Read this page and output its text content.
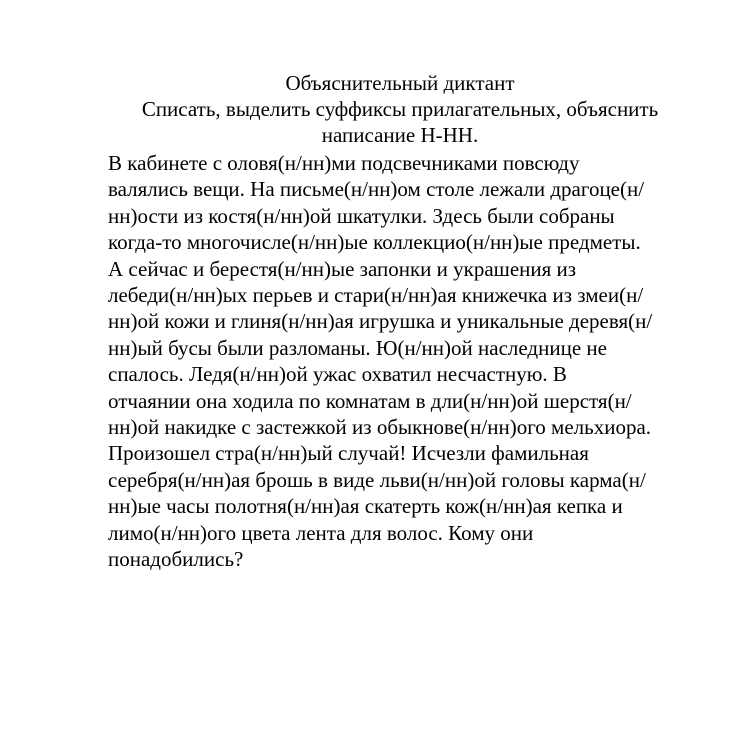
Объяснительный диктант
Списать, выделить суффиксы прилагательных, объяснить
написание Н-НН.
В кабинете с оловя(н/нн)ми подсвечниками повсюду
валялись вещи. На письме(н/нн)ом столе лежали драгоце(н/
нн)ости из костя(н/нн)ой шкатулки. Здесь были собраны
когда-то многочисле(н/нн)ые коллекцио(н/нн)ые предметы.
А сейчас и берестя(н/нн)ые запонки и украшения из
лебеди(н/нн)ых перьев и стари(н/нн)ая книжечка из змеи(н/
нн)ой кожи и глиня(н/нн)ая игрушка и уникальные деревя(н/
нн)ый бусы были разломаны. Ю(н/нн)ой наследнице не
спалось. Ледя(н/нн)ой ужас охватил несчастную. В
отчаянии она ходила по комнатам в дли(н/нн)ой шерстя(н/
нн)ой накидке с застежкой из обыкнове(н/нн)ого мельхиора.
Произошел стра(н/нн)ый случай! Исчезли фамильная
серебря(н/нн)ая брошь в виде льви(н/нн)ой головы карма(н/
нн)ые часы полотня(н/нн)ая скатерть кож(н/нн)ая кепка и
лимо(н/нн)ого цвета лента для волос. Кому они
понадобились?
